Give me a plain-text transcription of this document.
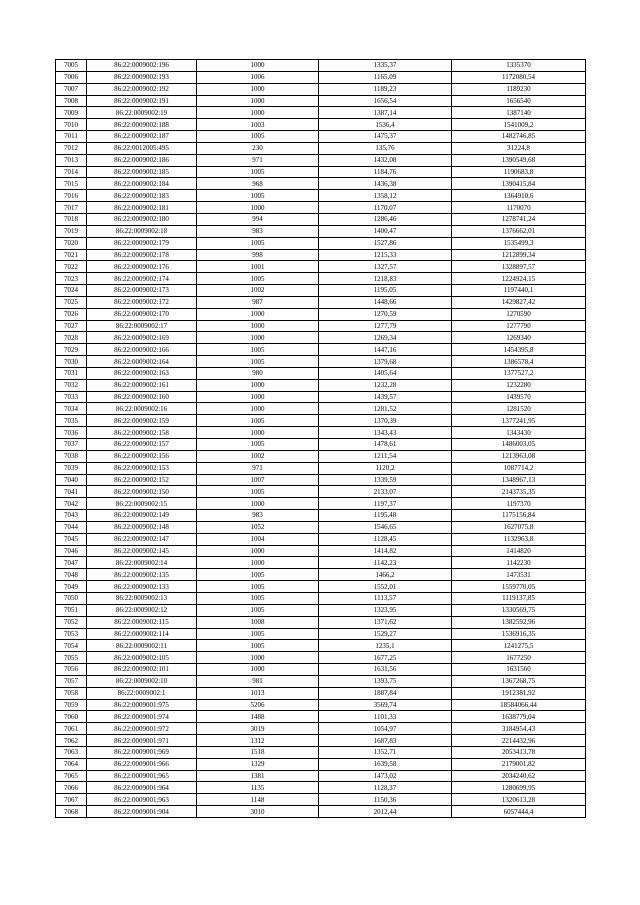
7005	86:22:0009002:196	1000	1335,37	1335370
7006	86:22:0009002:193	1006	1165,09	1172080,54
7007	86:22:0009002:192	1000	1189,23	1189230
7008	86:22:0009002:191	1000	1656,54	1656540
7009	86:22:0009002:19	1000	1387,14	1387140
7010	86:22:0009002:188	1003	1536,4	1541009,2
7011	86:22:0009002:187	1005	1475,37	1482746,85
7012	86:22:0012005:495	230	135,76	31224,8
7013	86:22:0009002:186	971	1432,08	1390549,68
7014	86:22:0009002:185	1005	1184,76	1190683,8
7015	86:22:0009002:184	968	1436,38	1390415,84
7016	86:22:0009002:183	1005	1358,12	1364910,6
7017	86:22:0009002:181	1000	1170,07	1170070
7018	86:22:0009002:180	994	1286,46	1278741,24
7019	86:22:0009002:18	983	1400,47	1376662,01
7020	86:22:0009002:179	1005	1527,86	1535499,3
7021	86:22:0009002:178	998	1215,33	1212899,34
7022	86:22:0009002:176	1001	1327,57	1328897,57
7023	86:22:0009002:174	1005	1218,83	1224924,15
7024	86:22:0009002:173	1002	1195,05	1197440,1
7025	86:22:0009002:172	987	1448,66	1429827,42
7026	86:22:0009002:170	1000	1270,59	1270590
7027	86:22:0009002:17	1000	1277,79	1277790
7028	86:22:0009002:169	1000	1269,34	1269340
7029	86:22:0009002:166	1005	1447,16	1454395,8
7030	86:22:0009002:164	1005	1379,68	1386578,4
7031	86:22:0009002:163	980	1405,64	1377527,2
7032	86:22:0009002:161	1000	1232,28	1232280
7033	86:22:0009002:160	1000	1439,57	1439570
7034	86:22:0009002:16	1000	1281,52	1281520
7035	86:22:0009002:159	1005	1370,39	1377241,95
7036	86:22:0009002:158	1000	1343,43	1343430
7037	86:22:0009002:157	1005	1478,61	1486003,05
7038	86:22:0009002:156	1002	1211,54	1213963,08
7039	86:22:0009002:153	971	1120,2	1087714,2
7040	86:22:0009002:152	1007	1339,59	1348967,13
7041	86:22:0009002:150	1005	2133,07	2143735,35
7042	86:22:0009002:15	1000	1197,37	1197370
7043	86:22:0009002:149	983	1195,48	1175156,84
7044	86:22:0009002:148	1052	1546,65	1627075,8
7045	86:22:0009002:147	1004	1128,45	1132963,8
7046	86:22:0009002:145	1000	1414,82	1414820
7047	86:22:0009002:14	1000	1142,23	1142230
7048	86:22:0009002:135	1005	1466,2	1473531
7049	86:22:0009002:133	1005	1552,01	1559770,05
7050	86:22:0009002:13	1005	1113,57	1119137,85
7051	86:22:0009002:12	1005	1323,95	1330569,75
7052	86:22:0009002:115	1008	1371,62	1382592,96
7053	86:22:0009002:114	1005	1529,27	1536916,35
7054	86:22:0009002:11	1005	1235,1	1241275,5
7055	86:22:0009002:105	1000	1677,25	1677250
7056	86:22:0009002:101	1000	1631,56	1631560
7057	86:22:0009002:10	981	1393,75	1367268,75
7058	86:22:0009002:1	1013	1887,84	1912381,92
7059	86:22:0009001:975	5206	3569,74	18584066,44
7060	86:22:0009001:974	1488	1101,33	1638779,04
7061	86:22:0009001:972	3019	1054,97	3184954,43
7062	86:22:0009001:971	1312	1687,83	2214432,96
7063	86:22:0009001:969	1518	1352,71	2053413,78
7064	86:22:0009001:966	1329	1639,58	2179001,82
7065	86:22:0009001:965	1381	1473,02	2034240,62
7066	86:22:0009001:964	1135	1128,37	1280699,95
7067	86:22:0009001:963	1148	1150,36	1320613,28
7068	86:22:0009001:904	3010	2012,44	6057444,4
